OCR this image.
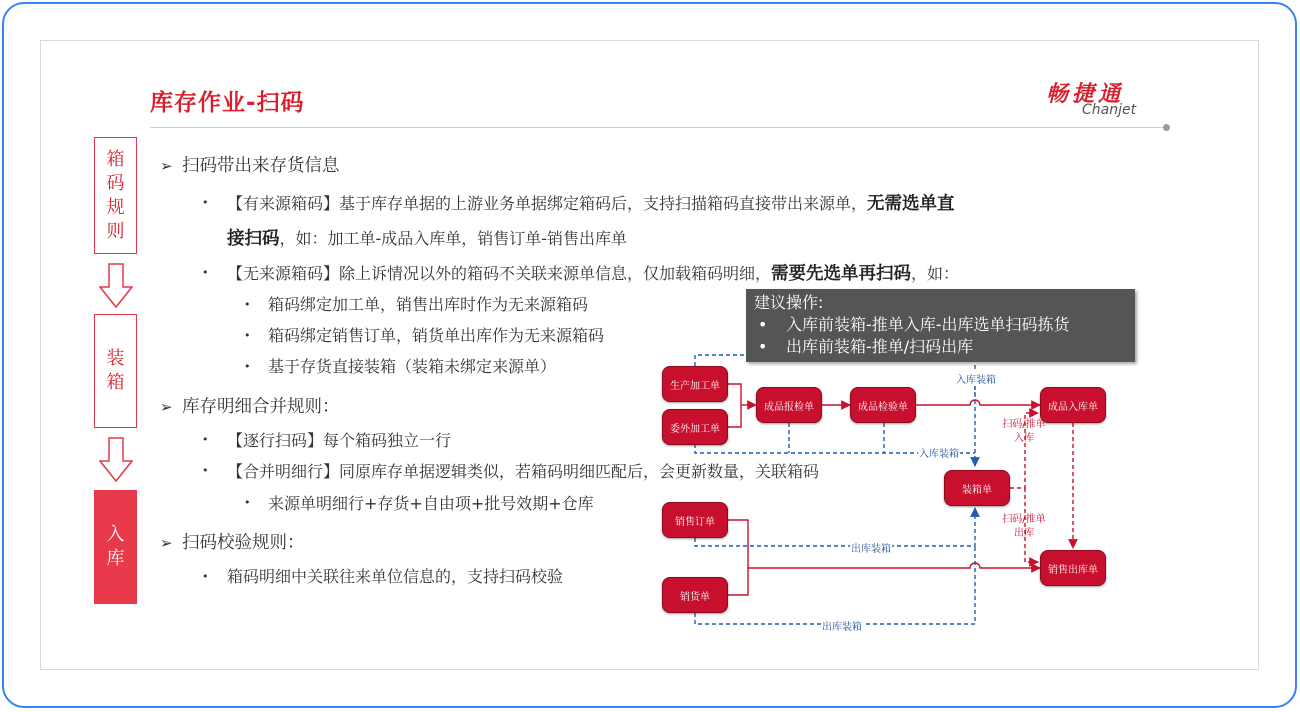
库存作业-扫码	畅捷通
Chanjet
箱码规则
装箱
入库
➢ 扫码带出来存货信息
• 【有来源箱码】基于库存单据的上游业务单据绑定箱码后，支持扫描箱码直接带出来源单，无需选单直
接扫码，如：加工单-成品入库单，销售订单-销售出库单
• 【无来源箱码】除上诉情况以外的箱码不关联来源单信息，仅加载箱码明细，需要先选单再扫码，如：
• 箱码绑定加工单，销售出库时作为无来源箱码
• 箱码绑定销售订单，销货单出库作为无来源箱码
• 基于存货直接装箱（装箱未绑定来源单）
➢ 库存明细合并规则：
• 【逐行扫码】每个箱码独立一行
• 【合并明细行】同原库存单据逻辑类似，若箱码明细匹配后，会更新数量，关联箱码
• 来源单明细行+存货+自由项+批号效期+仓库
➢ 扫码校验规则：
• 箱码明细中关联往来单位信息的，支持扫码校验
生产加工单
委外加工单
成品报检单	成品检验单	成品入库单
装箱单
销售订单
销货单
销售出库单
入库装箱
入库装箱
出库装箱
出库装箱
扫码/推单
入库
扫码/推单
出库
建议操作:
•	入库前装箱-推单入库-出库选单扫码拣货
•	出库前装箱-推单/扫码出库
